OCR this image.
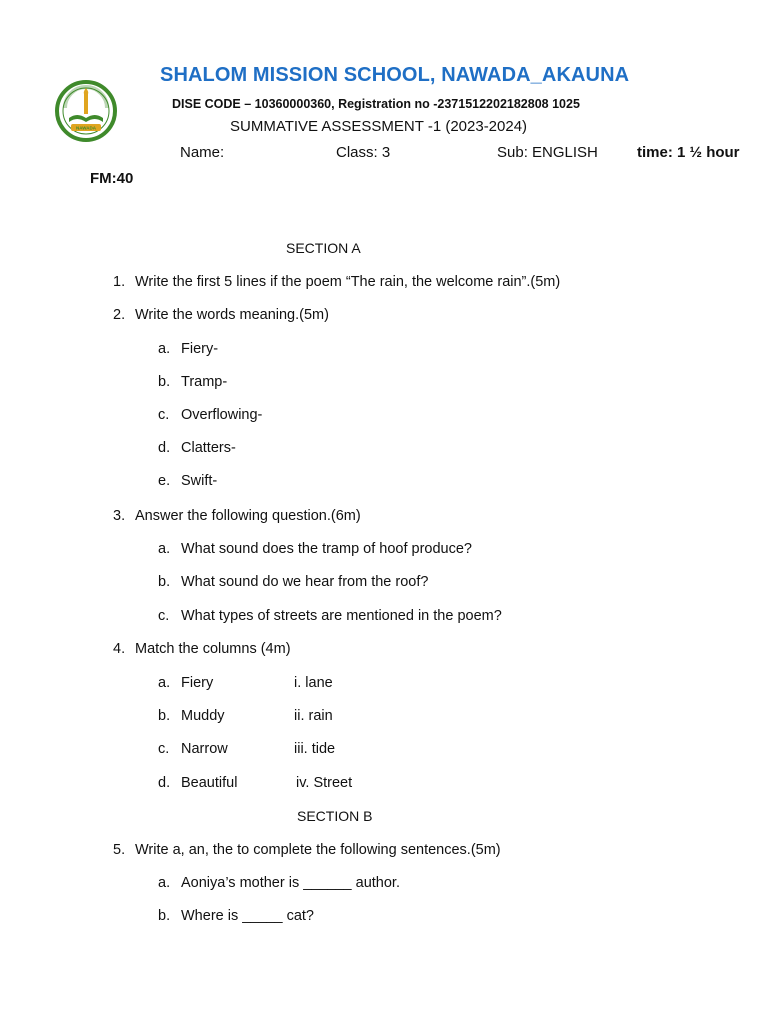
NAWADA
SHALOM MISSION SCHOOL, NAWADA_AKAUNA
DISE CODE – 10360000360, Registration no -2371512202182808 1025
SUMMATIVE ASSESSMENT -1 (2023-2024)
Name:	Class: 3	Sub: ENGLISH	time: 1 ½ hour
FM:40
SECTION A
1. Write the first 5 lines if the poem “The rain, the welcome rain”.(5m)
2. Write the words meaning.(5m)
a. Fiery-
b. Tramp-
c. Overflowing-
d. Clatters-
e. Swift-
3. Answer the following question.(6m)
a. What sound does the tramp of hoof produce?
b. What sound do we hear from the roof?
c. What types of streets are mentioned in the poem?
4. Match the columns (4m)
a. Fiery	i. lane
b. Muddy	ii. rain
c. Narrow	iii. tide
d. Beautiful	iv. Street
SECTION B
5. Write a, an, the to complete the following sentences.(5m)
a. Aoniya’s mother is ______ author.
b. Where is _____ cat?
